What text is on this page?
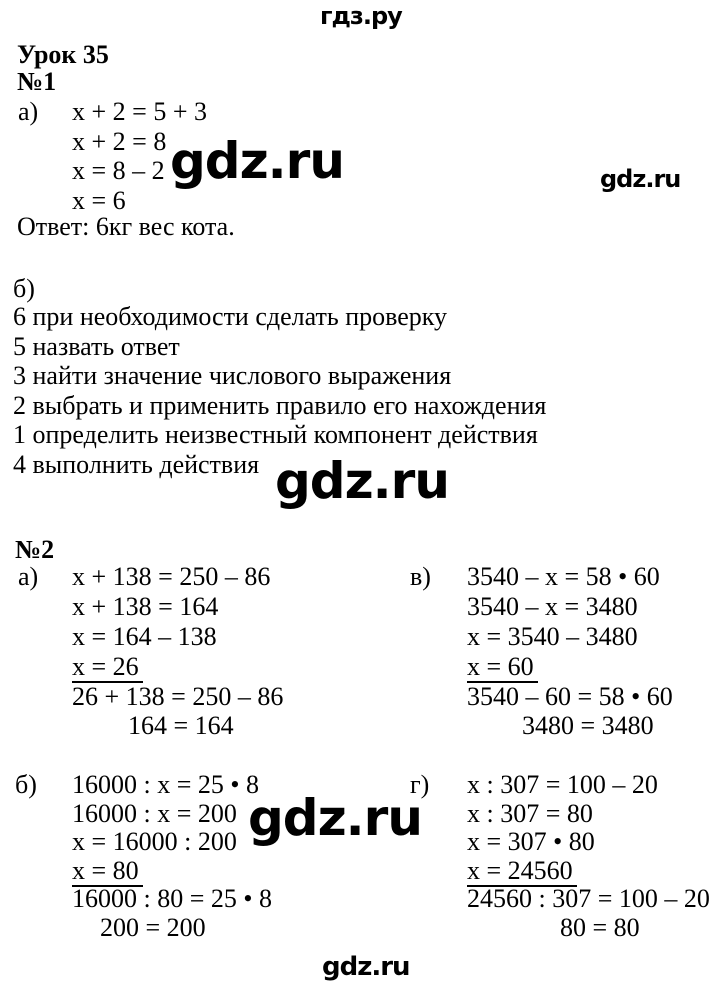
гдз.ру
Урок 35
№1
а) x + 2 = 5 + 3
x + 2 = 8
x = 8 – 2
x = 6
Ответ: 6кг вес кота.
gdz.ru	gdz.ru
б)
6 при необходимости сделать проверку
5 назвать ответ
3 найти значение числового выражения
2 выбрать и применить правило его нахождения
1 определить неизвестный компонент действия
4 выполнить действия gdz.ru
№2
а) x + 138 = 250 – 86
x + 138 = 164
x = 164 – 138
x = 26
26 + 138 = 250 – 86
164 = 164
в) 3540 – x = 58 • 60
3540 – x = 3480
x = 3540 – 3480
x = 60
3540 – 60 = 58 • 60
3480 = 3480
б) 16000 : x = 25 • 8
16000 : x = 200
x = 16000 : 200
x = 80
16000 : 80 = 25 • 8
200 = 200
г) x : 307 = 100 – 20
x : 307 = 80
x = 307 • 80
x = 24560
24560 : 307 = 100 – 20
80 = 80
gdz.ru
gdz.ru
